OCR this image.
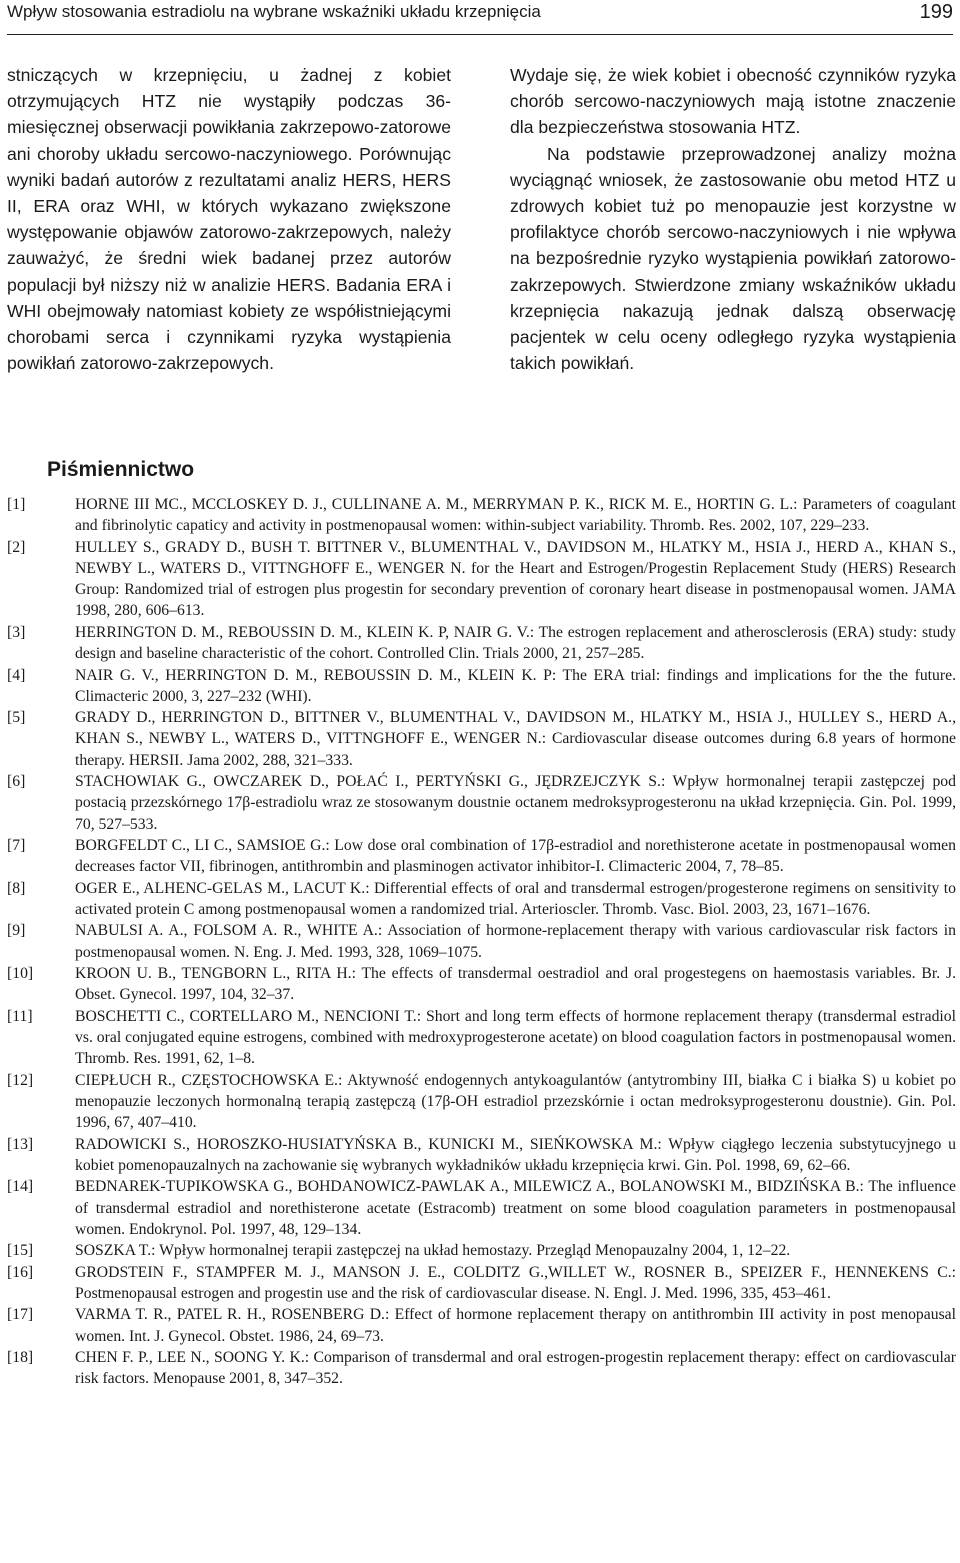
Wpływ stosowania estradiolu na wybrane wskaźniki układu krzepnięcia	199

stniczących w krzepnięciu, u żadnej z kobiet otrzymujących HTZ nie wystąpiły podczas 36-miesięcznej obserwacji powikłania zakrzepowo-zatorowe ani choroby układu sercowo-naczyniowego. Porównując wyniki badań autorów z rezultatami analiz HERS, HERS II, ERA oraz WHI, w których wykazano zwiększone występowanie objawów zatorowo-zakrzepowych, należy zauważyć, że średni wiek badanej przez autorów populacji był niższy niż w analizie HERS. Badania ERA i WHI obejmowały natomiast kobiety ze współistniejącymi chorobami serca i czynnikami ryzyka wystąpienia powikłań zatorowo-zakrzepowych.

Wydaje się, że wiek kobiet i obecność czynników ryzyka chorób sercowo-naczyniowych mają istotne znaczenie dla bezpieczeństwa stosowania HTZ.

Na podstawie przeprowadzonej analizy można wyciągnąć wniosek, że zastosowanie obu metod HTZ u zdrowych kobiet tuż po menopauzie jest korzystne w profilaktyce chorób sercowo-naczyniowych i nie wpływa na bezpośrednie ryzyko wystąpienia powikłań zatorowo-zakrzepowych. Stwierdzone zmiany wskaźników układu krzepnięcia nakazują jednak dalszą obserwację pacjentek w celu oceny odległego ryzyka wystąpienia takich powikłań.

Piśmiennictwo
[1]	HORNE III MC., MCCLOSKEY D. J., CULLINANE A. M., MERRYMAN P. K., RICK M. E., HORTIN G. L.: Parameters of coagulant and fibrinolytic capaticy and activity in postmenopausal women: within-subject variability. Thromb. Res. 2002, 107, 229–233.
[2]	HULLEY S., GRADY D., BUSH T. BITTNER V., BLUMENTHAL V., DAVIDSON M., HLATKY M., HSIA J., HERD A., KHAN S., NEWBY L., WATERS D., VITTNGHOFF E., WENGER N. for the Heart and Estrogen/Progestin Replacement Study (HERS) Research Group: Randomized trial of estrogen plus progestin for secondary prevention of coronary heart disease in postmenopausal women. JAMA 1998, 280, 606–613.
[3]	HERRINGTON D. M., REBOUSSIN D. M., KLEIN K. P, NAIR G. V.: The estrogen replacement and atherosclerosis (ERA) study: study design and baseline characteristic of the cohort. Controlled Clin. Trials 2000, 21, 257–285.
[4]	NAIR G. V., HERRINGTON D. M., REBOUSSIN D. M., KLEIN K. P: The ERA trial: findings and implications for the the future. Climacteric 2000, 3, 227–232 (WHI).
[5]	GRADY D., HERRINGTON D., BITTNER V., BLUMENTHAL V., DAVIDSON M., HLATKY M., HSIA J., HULLEY S., HERD A., KHAN S., NEWBY L., WATERS D., VITTNGHOFF E., WENGER N.: Cardiovascular disease outcomes during 6.8 years of hormone therapy. HERSII. Jama 2002, 288, 321–333.
[6]	STACHOWIAK G., OWCZAREK D., POŁAĆ I., PERTYŃSKI G., JĘDRZEJCZYK S.: Wpływ hormonalnej terapii zastępczej pod postacią przezskórnego 17β-estradiolu wraz ze stosowanym doustnie octanem medroksyprogesteronu na układ krzepnięcia. Gin. Pol. 1999, 70, 527–533.
[7]	BORGFELDT C., LI C., SAMSIOE G.: Low dose oral combination of 17β-estradiol and norethisterone acetate in postmenopausal women decreases factor VII, fibrinogen, antithrombin and plasminogen activator inhibitor-I. Climacteric 2004, 7, 78–85.
[8]	OGER E., ALHENC-GELAS M., LACUT K.: Differential effects of oral and transdermal estrogen/progesterone regimens on sensitivity to activated protein C among postmenopausal women a randomized trial. Arterioscler. Thromb. Vasc. Biol. 2003, 23, 1671–1676.
[9]	NABULSI A. A., FOLSOM A. R., WHITE A.: Association of hormone-replacement therapy with various cardiovascular risk factors in postmenopausal women. N. Eng. J. Med. 1993, 328, 1069–1075.
[10]	KROON U. B., TENGBORN L., RITA H.: The effects of transdermal oestradiol and oral progestegens on haemostasis variables. Br. J. Obset. Gynecol. 1997, 104, 32–37.
[11]	BOSCHETTI C., CORTELLARO M., NENCIONI T.: Short and long term effects of hormone replacement therapy (transdermal estradiol vs. oral conjugated equine estrogens, combined with medroxyprogesterone acetate) on blood coagulation factors in postmenopausal women. Thromb. Res. 1991, 62, 1–8.
[12]	CIEPŁUCH R., CZĘSTOCHOWSKA E.: Aktywność endogennych antykoagulantów (antytrombiny III, białka C i białka S) u kobiet po menopauzie leczonych hormonalną terapią zastępczą (17β-OH estradiol przezskórnie i octan medroksyprogesteronu doustnie). Gin. Pol. 1996, 67, 407–410.
[13]	RADOWICKI S., HOROSZKO-HUSIATYŃSKA B., KUNICKI M., SIEŃKOWSKA M.: Wpływ ciągłego leczenia substytucyjnego u kobiet pomenopauzalnych na zachowanie się wybranych wykładników układu krzepnięcia krwi. Gin. Pol. 1998, 69, 62–66.
[14]	BEDNAREK-TUPIKOWSKA G., BOHDANOWICZ-PAWLAK A., MILEWICZ A., BOLANOWSKI M., BIDZIŃSKA B.: The influence of transdermal estradiol and norethisterone acetate (Estracomb) treatment on some blood coagulation parameters in postmenopausal women. Endokrynol. Pol. 1997, 48, 129–134.
[15]	SOSZKA T.: Wpływ hormonalnej terapii zastępczej na układ hemostazy. Przegląd Menopauzalny 2004, 1, 12–22.
[16]	GRODSTEIN F., STAMPFER M. J., MANSON J. E., COLDITZ G.,WILLET W., ROSNER B., SPEIZER F., HENNEKENS C.: Postmenopausal estrogen and progestin use and the risk of cardiovascular disease. N. Engl. J. Med. 1996, 335, 453–461.
[17]	VARMA T. R., PATEL R. H., ROSENBERG D.: Effect of hormone replacement therapy on antithrombin III activity in post menopausal women. Int. J. Gynecol. Obstet. 1986, 24, 69–73.
[18]	CHEN F. P., LEE N., SOONG Y. K.: Comparison of transdermal and oral estrogen-progestin replacement therapy: effect on cardiovascular risk factors. Menopause 2001, 8, 347–352.
